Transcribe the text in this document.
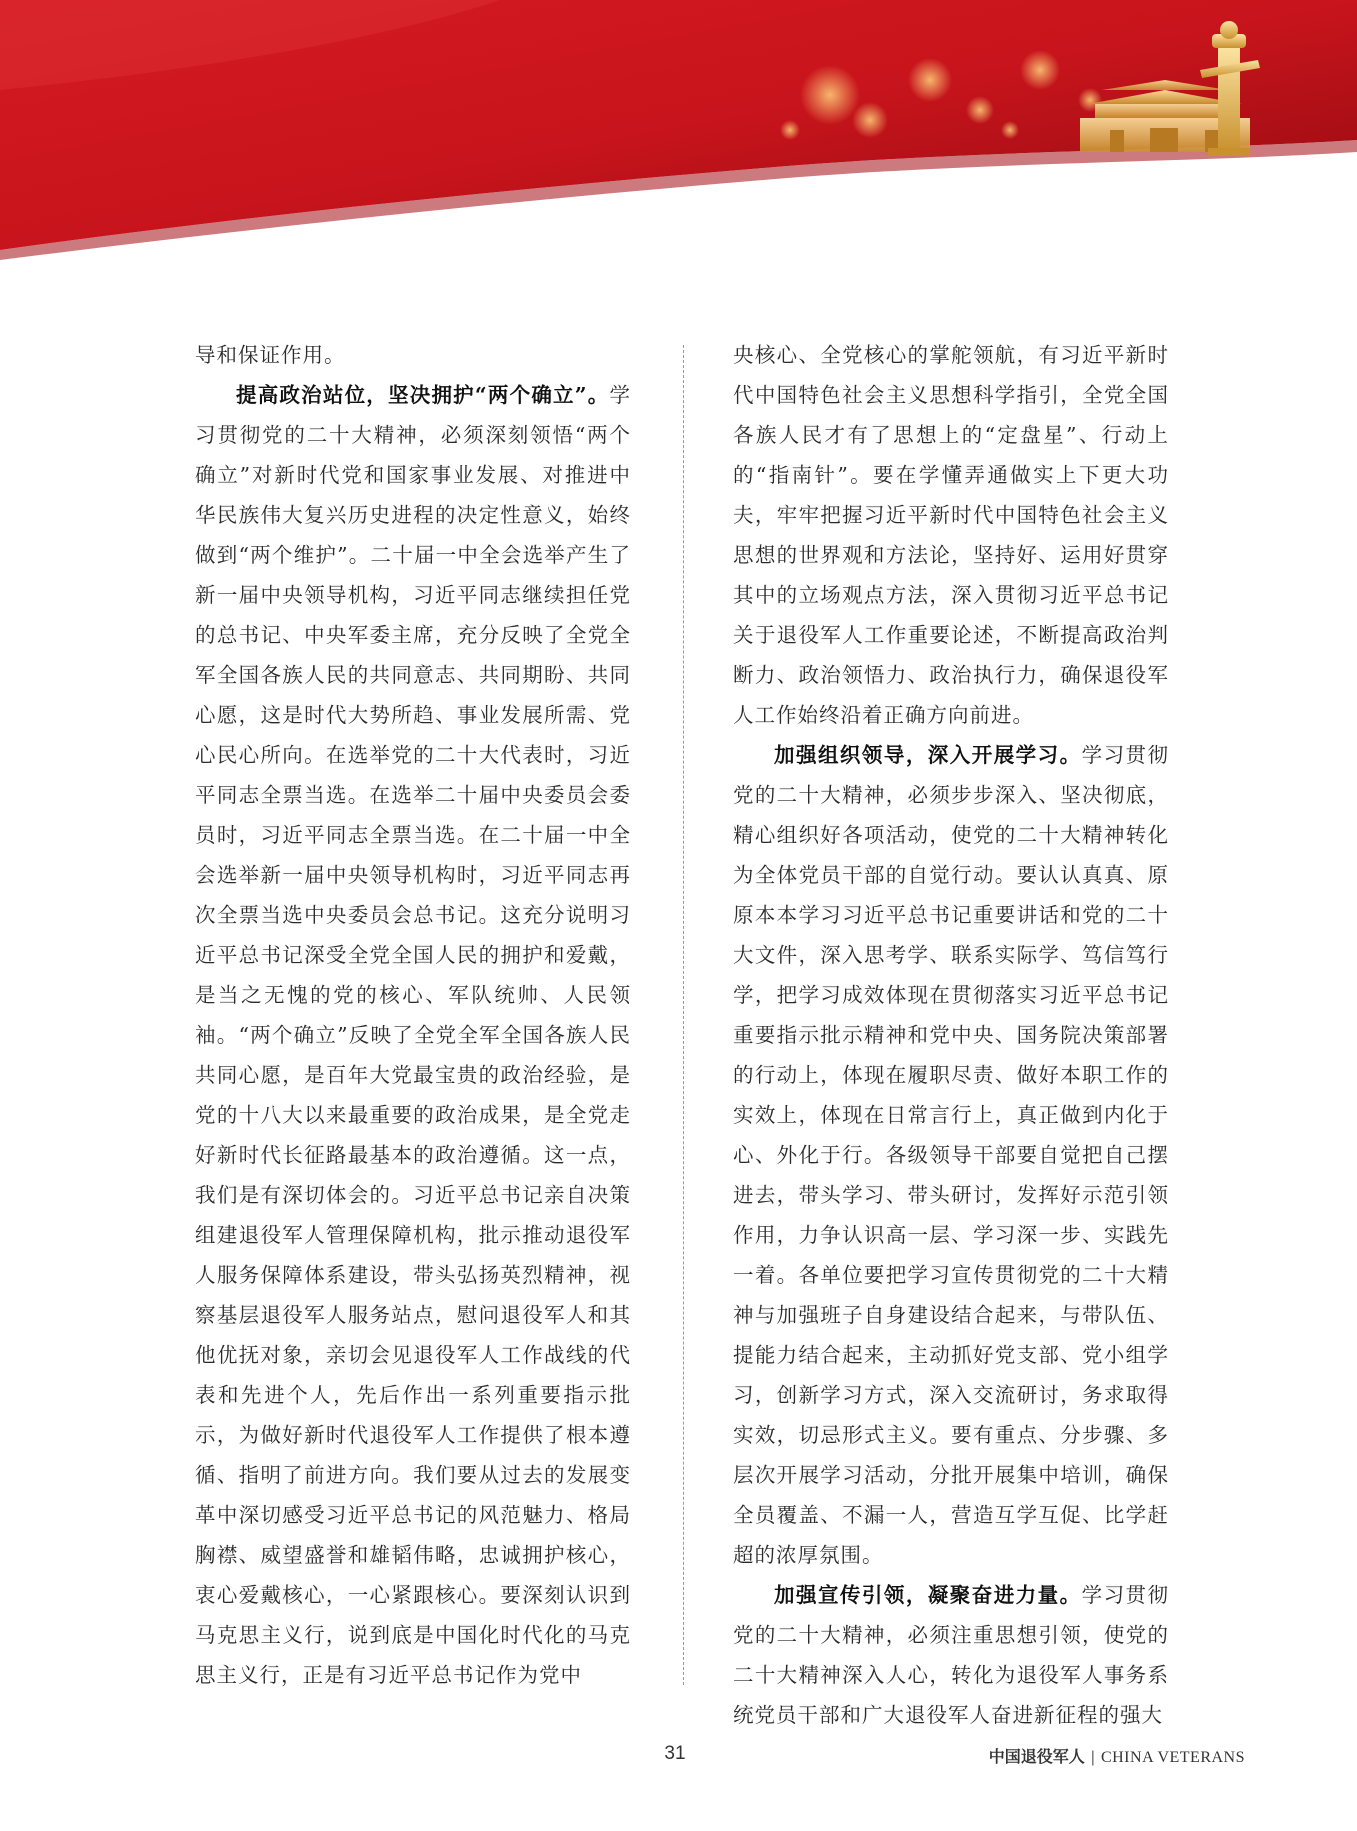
导和保证作用。

提高政治站位，坚决拥护“两个确立”。学习贯彻党的二十大精神，必须深刻领悟“两个确立”对新时代党和国家事业发展、对推进中华民族伟大复兴历史进程的决定性意义，始终做到“两个维护”。二十届一中全会选举产生了新一届中央领导机构，习近平同志继续担任党的总书记、中央军委主席，充分反映了全党全军全国各族人民的共同意志、共同期盼、共同心愿，这是时代大势所趋、事业发展所需、党心民心所向。在选举党的二十大代表时，习近平同志全票当选。在选举二十届中央委员会委员时，习近平同志全票当选。在二十届一中全会选举新一届中央领导机构时，习近平同志再次全票当选中央委员会总书记。这充分说明习近平总书记深受全党全国人民的拥护和爱戴，是当之无愧的党的核心、军队统帅、人民领袖。“两个确立”反映了全党全军全国各族人民共同心愿，是百年大党最宝贵的政治经验，是党的十八大以来最重要的政治成果，是全党走好新时代长征路最基本的政治遵循。这一点，我们是有深切体会的。习近平总书记亲自决策组建退役军人管理保障机构，批示推动退役军人服务保障体系建设，带头弘扬英烈精神，视察基层退役军人服务站点，慰问退役军人和其他优抚对象，亲切会见退役军人工作战线的代表和先进个人，先后作出一系列重要指示批示，为做好新时代退役军人工作提供了根本遵循、指明了前进方向。我们要从过去的发展变革中深切感受习近平总书记的风范魅力、格局胸襟、威望盛誉和雄韬伟略，忠诚拥护核心，衷心爱戴核心，一心紧跟核心。要深刻认识到马克思主义行，说到底是中国化时代化的马克思主义行，正是有习近平总书记作为党中

央核心、全党核心的掌舵领航，有习近平新时代中国特色社会主义思想科学指引，全党全国各族人民才有了思想上的“定盘星”、行动上的“指南针”。要在学懂弄通做实上下更大功夫，牢牢把握习近平新时代中国特色社会主义思想的世界观和方法论，坚持好、运用好贯穿其中的立场观点方法，深入贯彻习近平总书记关于退役军人工作重要论述，不断提高政治判断力、政治领悟力、政治执行力，确保退役军人工作始终沿着正确方向前进。

加强组织领导，深入开展学习。学习贯彻党的二十大精神，必须步步深入、坚决彻底，精心组织好各项活动，使党的二十大精神转化为全体党员干部的自觉行动。要认认真真、原原本本学习习近平总书记重要讲话和党的二十大文件，深入思考学、联系实际学、笃信笃行学，把学习成效体现在贯彻落实习近平总书记重要指示批示精神和党中央、国务院决策部署的行动上，体现在履职尽责、做好本职工作的实效上，体现在日常言行上，真正做到内化于心、外化于行。各级领导干部要自觉把自己摆进去，带头学习、带头研讨，发挥好示范引领作用，力争认识高一层、学习深一步、实践先一着。各单位要把学习宣传贯彻党的二十大精神与加强班子自身建设结合起来，与带队伍、提能力结合起来，主动抓好党支部、党小组学习，创新学习方式，深入交流研讨，务求取得实效，切忌形式主义。要有重点、分步骤、多层次开展学习活动，分批开展集中培训，确保全员覆盖、不漏一人，营造互学互促、比学赶超的浓厚氛围。

加强宣传引领，凝聚奋进力量。学习贯彻党的二十大精神，必须注重思想引领，使党的二十大精神深入人心，转化为退役军人事务系统党员干部和广大退役军人奋进新征程的强大

31	中国退役军人 | CHINA VETERANS
